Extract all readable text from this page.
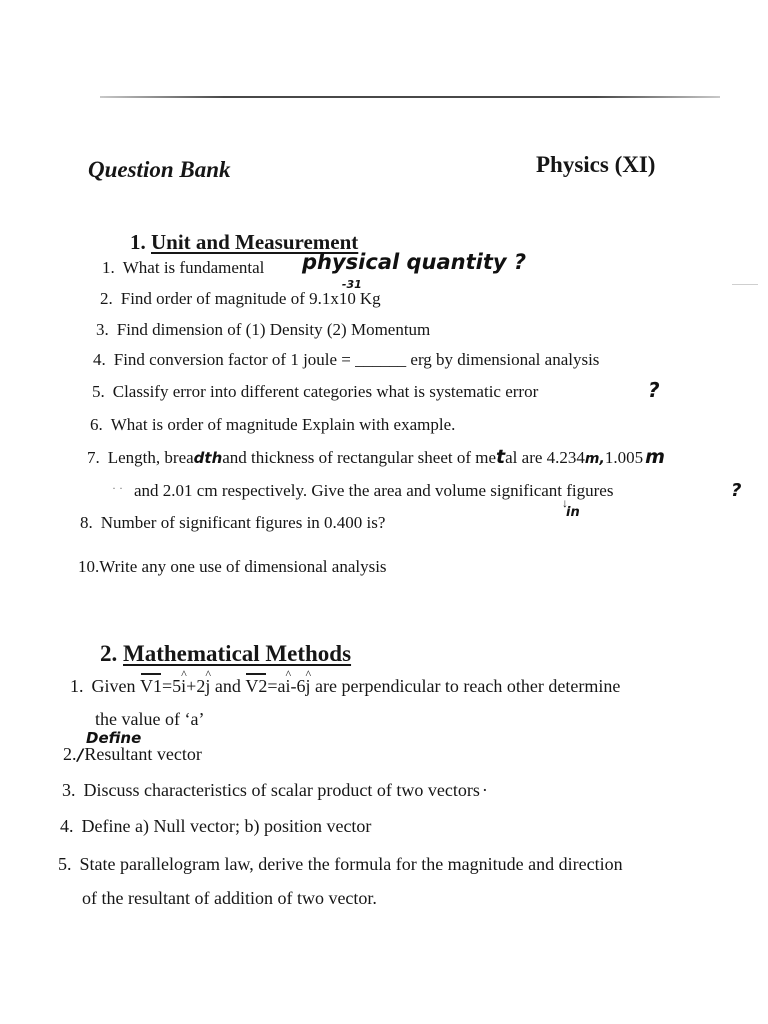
Question Bank	Physics (XI)
1. Unit and Measurement
1. What is fundamental physical quantity ?
2. Find order of magnitude of 9.1x10
-31
Kg
3. Find dimension of (1) Density (2) Momentum
4. Find conversion factor of 1 joule = ______ erg by dimensional analysis
5. Classify error into different categories what is systematic error	?
6. What is order of magnitude Explain with example.
7. Length, breadthand thickness of rectangular sheet of metal are 4.234m,1.005 m
· · and 2.01 cm respectively. Give the area and volume significant figures	?
↓
in
8. Number of significant figures in 0.400 is?
10.Write any one use of dimensional analysis
2. Mathematical Methods
1. Given V1=5^ i+2^ j and V2=a^ i-6^ j are perpendicular to reach other determine
the value of ‘a’
Define
2./Resultant vector
3. Discuss characteristics of scalar product of two vectors ·
4. Define a) Null vector; b) position vector
5. State parallelogram law, derive the formula for the magnitude and direction
of the resultant of addition of two vector.
